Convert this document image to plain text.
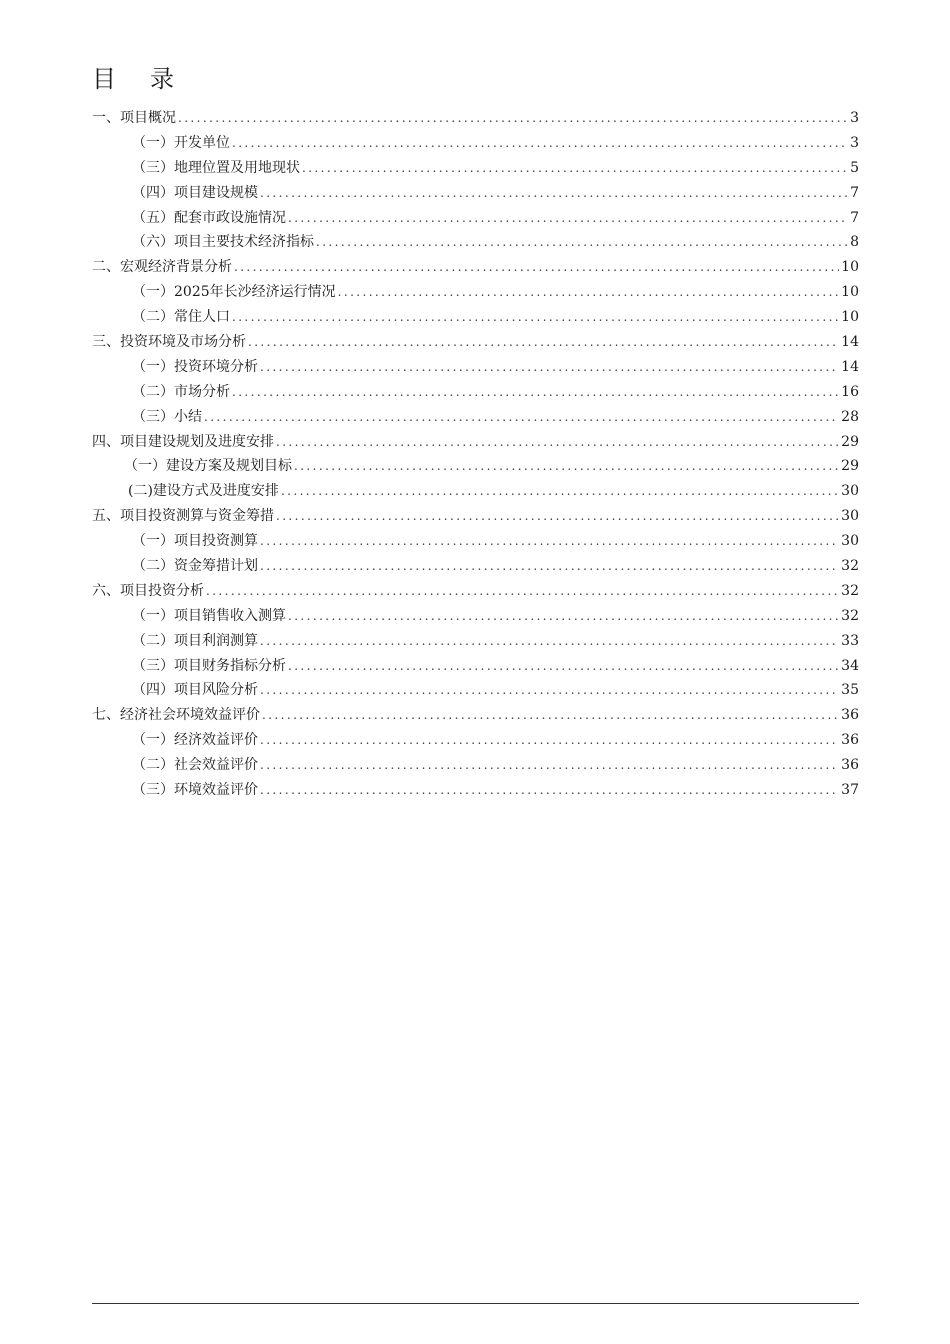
目录
一、项目概况 .....	3
（一）开发单位 .....	3
（三）地理位置及用地现状 .....	5
（四）项目建设规模 .....	7
（五）配套市政设施情况 .....	7
（六）项目主要技术经济指标 .....	8
二、宏观经济背景分析 .....	10
（一）2025年长沙经济运行情况 .....	10
（二）常住人口 .....	10
三、投资环境及市场分析 .....	14
（一）投资环境分析 .....	14
（二）市场分析 .....	16
（三）小结 .....	28
四、项目建设规划及进度安排 .....	29
（一）建设方案及规划目标 .....	29
(二)建设方式及进度安排 .....	30
五、项目投资测算与资金筹措 .....	30
（一）项目投资测算 .....	30
（二）资金筹措计划 .....	32
六、项目投资分析 .....	32
（一）项目销售收入测算 .....	32
（二）项目利润测算 .....	33
（三）项目财务指标分析 .....	34
（四）项目风险分析 .....	35
七、经济社会环境效益评价 .....	36
（一）经济效益评价 .....	36
（二）社会效益评价 .....	36
（三）环境效益评价 .....	37
